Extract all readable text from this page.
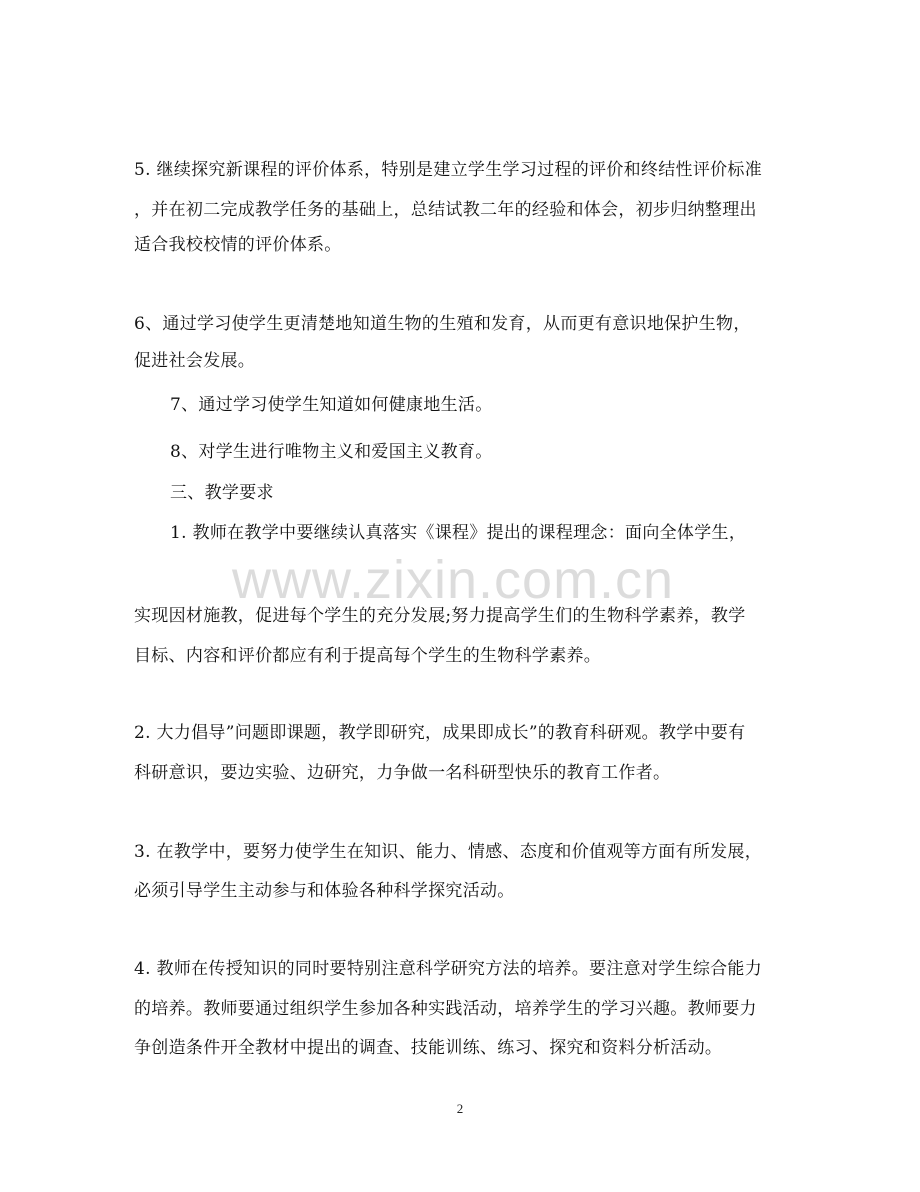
www.zixin.com.cn
5. 继续探究新课程的评价体系，特别是建立学生学习过程的评价和终结性评价标准
，并在初二完成教学任务的基础上，总结试教二年的经验和体会，初步归纳整理出
适合我校校情的评价体系。
6、通过学习使学生更清楚地知道生物的生殖和发育，从而更有意识地保护生物，
促进社会发展。
7、通过学习使学生知道如何健康地生活。
8、对学生进行唯物主义和爱国主义教育。
三、教学要求
1. 教师在教学中要继续认真落实《课程》提出的课程理念：面向全体学生，
实现因材施教，促进每个学生的充分发展;努力提高学生们的生物科学素养，教学
目标、内容和评价都应有利于提高每个学生的生物科学素养。
2. 大力倡导”问题即课题，教学即研究，成果即成长”的教育科研观。教学中要有
科研意识，要边实验、边研究，力争做一名科研型快乐的教育工作者。
3. 在教学中，要努力使学生在知识、能力、情感、态度和价值观等方面有所发展，
必须引导学生主动参与和体验各种科学探究活动。
4. 教师在传授知识的同时要特别注意科学研究方法的培养。要注意对学生综合能力
的培养。教师要通过组织学生参加各种实践活动，培养学生的学习兴趣。教师要力
争创造条件开全教材中提出的调查、技能训练、练习、探究和资料分析活动。
2
